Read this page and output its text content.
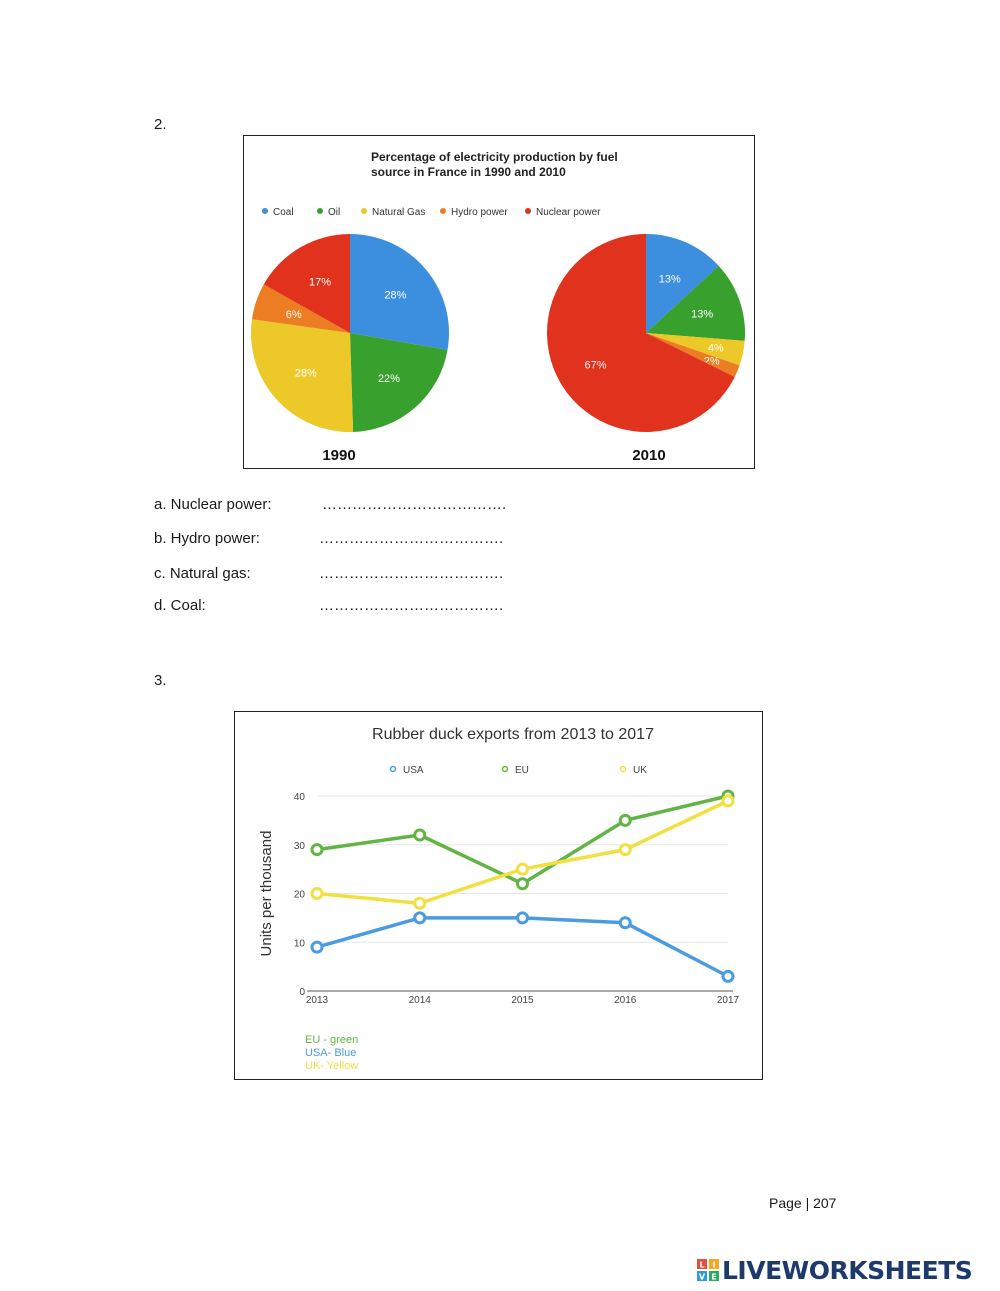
2.
Percentage of electricity production by fuel
source in France in 1990 and 2010
Coal	Oil	Natural Gas	Hydro power	Nuclear power
28%
22%
28%
6%
17%
1990
13%
13%
4%
2%
67%
2010
a. Nuclear power:	……………………………….
b. Hydro power:	……………………………….
c. Natural gas:	……………………………….
d. Coal:	……………………………….
3.
Rubber duck exports from 2013 to 2017
USA	EU	UK
0
10
20
30
40
2013	2014	2015	2016	2017
Units per thousand
EU - green
USA- Blue
UK- Yellow
Page | 207
L I
V E LIVEWORKSHEETS
